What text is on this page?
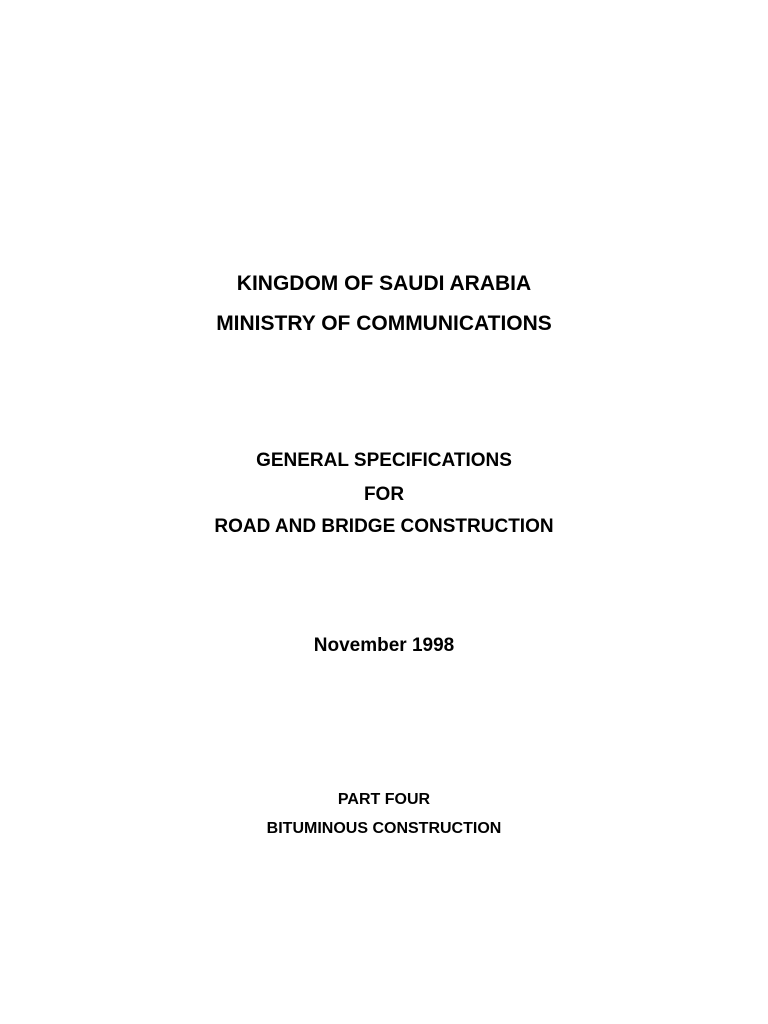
KINGDOM OF SAUDI ARABIA
MINISTRY OF COMMUNICATIONS
GENERAL SPECIFICATIONS
FOR
ROAD AND BRIDGE CONSTRUCTION
November 1998
PART FOUR
BITUMINOUS CONSTRUCTION
